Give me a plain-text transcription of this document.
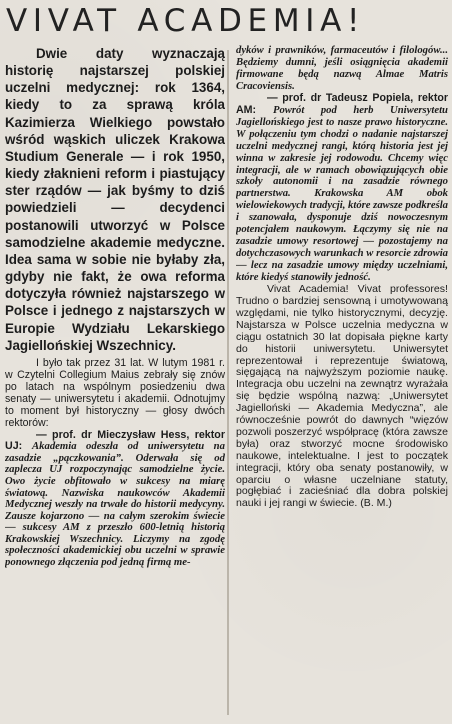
VIVAT ACADEMIA!

Dwie daty wyznaczają historię najstarszej polskiej uczelni medycznej: rok 1364, kiedy to za sprawą króla Kazimierza Wielkiego powstało wśród wąskich uliczek Krakowa Studium Generale — i rok 1950, kiedy złaknieni reform i piastujący ster rządów — jak byśmy to dziś powiedzieli — decydenci postanowili utworzyć w Polsce samodzielne akademie medyczne. Idea sama w sobie nie byłaby zła, gdyby nie fakt, że owa reforma dotyczyła również najstarszego w Polsce i jednego z najstarszych w Europie Wydziału Lekarskiego Jagiellońskiej Wszechnicy.

I było tak przez 31 lat. W lutym 1981 r. w Czytelni Collegium Maius zebrały się znów po latach na wspólnym posiedzeniu dwa senaty — uniwersytetu i akademii. Odnotujmy to moment był historyczny — głosy dwóch rektorów:

— prof. dr Mieczysław Hess, rektor UJ: Akademia odeszła od uniwersytetu na zasadzie „pączkowania”. Oderwała się od zaplecza UJ rozpoczynając samodzielne życie. Owo życie obfitowało w sukcesy na miarę światową. Nazwiska naukowców Akademii Medycznej weszły na trwałe do historii medycyny. Zausze kojarzono — na całym szerokim świecie — sukcesy AM z przeszło 600-letnią historią Krakowskiej Wszechnicy. Liczymy na zgodę społeczności akademickiej obu uczelni w sprawie ponownego złączenia pod jedną firmą me-

dyków i prawników, farmaceutów i filologów... Będziemy dumni, jeśli osiągnięcia akademii firmowane będą nazwą Almae Matris Cracoviensis.

— prof. dr Tadeusz Popiela, rektor AM: Powrót pod herb Uniwersytetu Jagiellońskiego jest to nasze prawo historyczne. W połączeniu tym chodzi o nadanie najstarszej uczelni medycznej rangi, którą historia jest jej winna w zakresie jej rodowodu. Chcemy więc integracji, ale w ramach obowiązujących obie szkoły autonomii i na zasadzie równego partnerstwa. Krakowska AM obok wielowiekowych tradycji, które zawsze podkreśla i szanowała, dysponuje dziś nowoczesnym potencjałem naukowym. Łączymy się nie na zasadzie umowy resortowej — pozostajemy na dotychczasowych warunkach w resorcie zdrowia — lecz na zasadzie umowy między uczelniami, które kiedyś stanowiły jedność.

Vivat Academia! Vivat professores! Trudno o bardziej sensowną i umotywowaną względami, nie tylko historycznymi, decyzję. Najstarsza w Polsce uczelnia medyczna w ciągu ostatnich 30 lat dopisała piękne karty do historii uniwersytetu. Uniwersytet reprezentował i reprezentuje światową, sięgającą na najwyższym poziomie naukę. Integracja obu uczelni na zewnątrz wyrażała się będzie wspólną nazwą: „Uniwersytet Jagielloński — Akademia Medyczna”, ale równocześnie powrót do dawnych “więzów pozwoli poszerzyć współpracę (która zawsze była) oraz stworzyć mocne środowisko naukowe, intelektualne. I jest to początek integracji, który oba senaty postanowiły, w oparciu o własne uczelniane statuty, pogłębiać i zacieśniać dla dobra polskiej nauki i jej rangi w świecie. (B. M.)
